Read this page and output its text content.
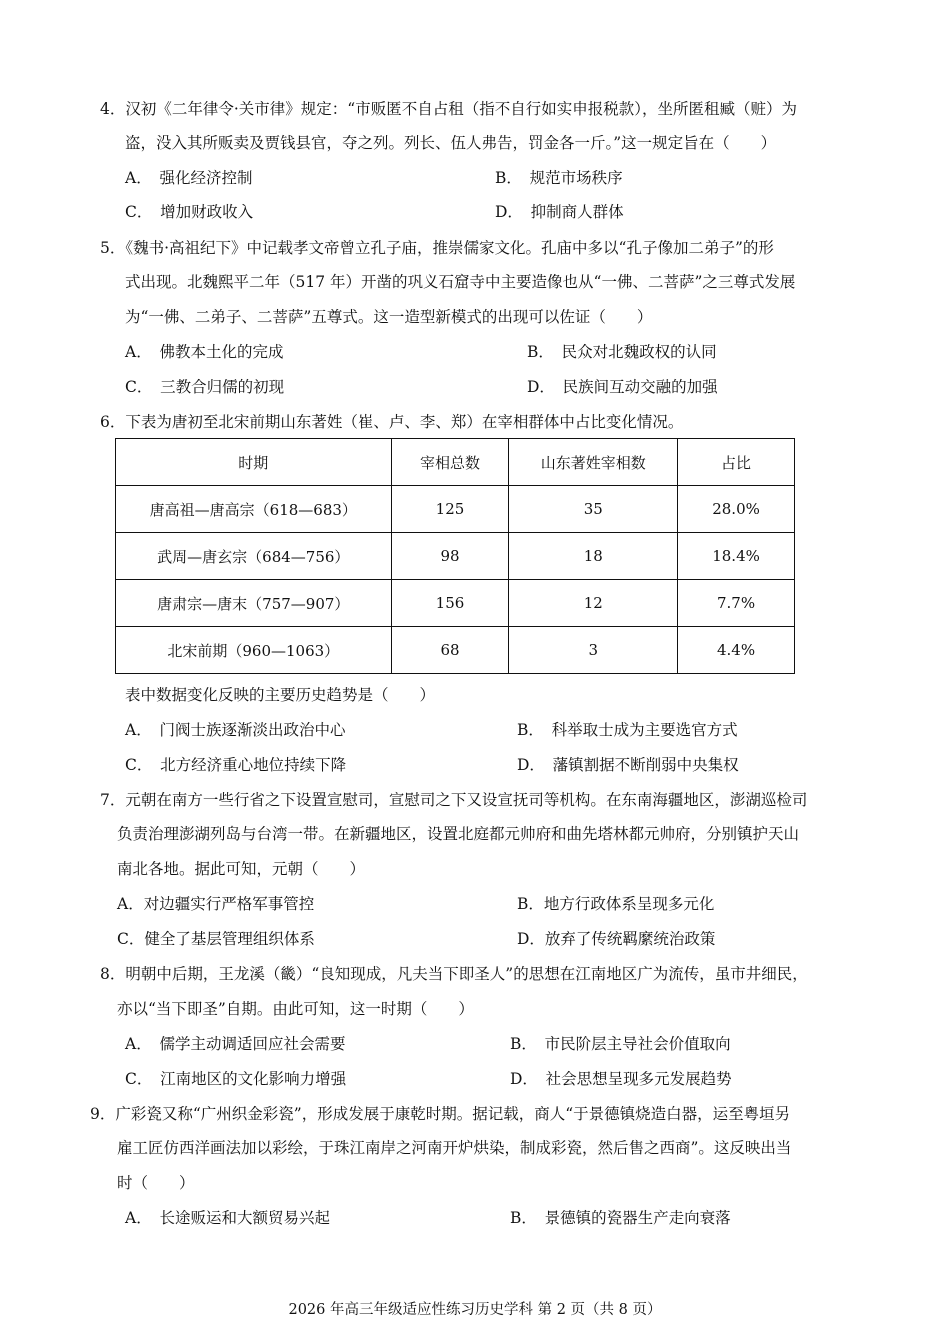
4．汉初《二年律令·关市律》规定：“市贩匿不自占租（指不自行如实申报税款），坐所匿租臧（赃）为
盗，没入其所贩卖及贾钱县官，夺之列。列长、伍人弗告，罚金各一斤。”这一规定旨在（　　）
A．　强化经济控制	B．　规范市场秩序
C．　增加财政收入	D．　抑制商人群体
5．《魏书·高祖纪下》中记载孝文帝曾立孔子庙，推崇儒家文化。孔庙中多以“孔子像加二弟子”的形
式出现。北魏熙平二年（517 年）开凿的巩义石窟寺中主要造像也从“一佛、二菩萨”之三尊式发展
为“一佛、二弟子、二菩萨”五尊式。这一造型新模式的出现可以佐证（　　）
A．　佛教本土化的完成	B．　民众对北魏政权的认同
C．　三教合归儒的初现	D．　民族间互动交融的加强
6．下表为唐初至北宋前期山东著姓（崔、卢、李、郑）在宰相群体中占比变化情况。
时期	宰相总数	山东著姓宰相数	占比
唐高祖—唐高宗（618—683）	125	35	28.0%
武周—唐玄宗（684—756）	98	18	18.4%
唐肃宗—唐末（757—907）	156	12	7.7%
北宋前期（960—1063）	68	3	4.4%
表中数据变化反映的主要历史趋势是（　　）
A．　门阀士族逐渐淡出政治中心	B．　科举取士成为主要选官方式
C．　北方经济重心地位持续下降	D．　藩镇割据不断削弱中央集权
7．元朝在南方一些行省之下设置宣慰司，宣慰司之下又设宣抚司等机构。在东南海疆地区，澎湖巡检司
负责治理澎湖列岛与台湾一带。在新疆地区，设置北庭都元帅府和曲先塔林都元帅府，分别镇护天山
南北各地。据此可知，元朝（　　）
A．对边疆实行严格军事管控	B．地方行政体系呈现多元化
C．健全了基层管理组织体系	D．放弃了传统羁縻统治政策
8．明朝中后期，王龙溪（畿）“良知现成，凡夫当下即圣人”的思想在江南地区广为流传，虽市井细民，
亦以“当下即圣”自期。由此可知，这一时期（　　）
A．　儒学主动调适回应社会需要	B．　市民阶层主导社会价值取向
C．　江南地区的文化影响力增强	D．　社会思想呈现多元发展趋势
9．广彩瓷又称“广州织金彩瓷”，形成发展于康乾时期。据记载，商人“于景德镇烧造白器，运至粤垣另
雇工匠仿西洋画法加以彩绘，于珠江南岸之河南开炉烘染，制成彩瓷，然后售之西商”。这反映出当
时（　　）
A．　长途贩运和大额贸易兴起	B．　景德镇的瓷器生产走向衰落
2026 年高三年级适应性练习历史学科 第 2 页（共 8 页）
